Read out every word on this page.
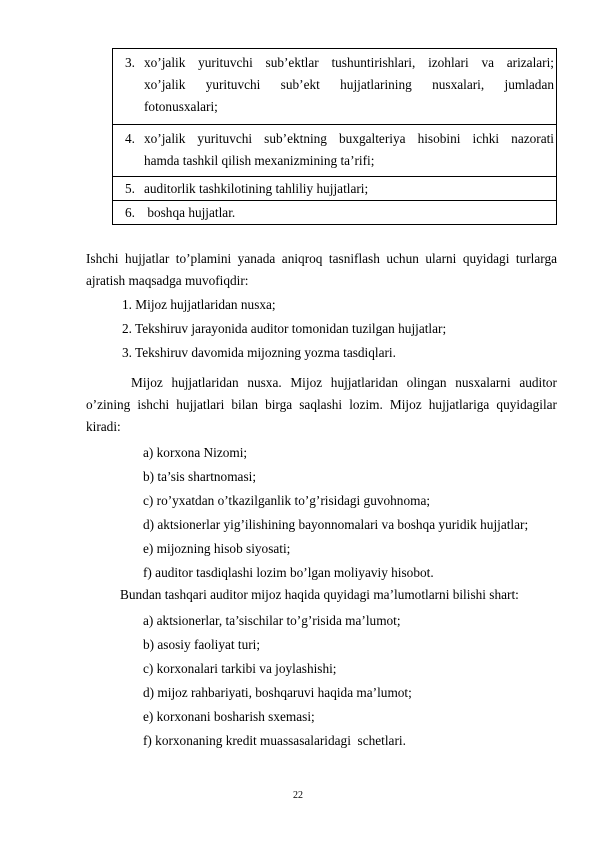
3. xo’jalik yurituvchi sub’ektlar tushuntirishlari, izohlari va arizalari;
xo’jalik yurituvchi sub’ekt hujjatlarining nusxalari, jumladan
fotonusxalari;

4. xo’jalik yurituvchi sub’ektning buxgalteriya hisobini ichki nazorati
hamda tashkil qilish mexanizmining ta’rifi;

5. auditorlik tashkilotining tahliliy hujjatlari;

6. boshqa hujjatlar.
Ishchi hujjatlar to’plamini yanada aniqroq tasniflash uchun ularni quyidagi turlarga
ajratish maqsadga muvofiqdir:
1. Mijoz hujjatlaridan nusxa;
2. Tekshiruv jarayonida auditor tomonidan tuzilgan hujjatlar;
3. Tekshiruv davomida mijozning yozma tasdiqlari.
Mijoz hujjatlaridan nusxa. Mijoz hujjatlaridan olingan nusxalarni auditor
o’zining ishchi hujjatlari bilan birga saqlashi lozim. Mijoz hujjatlariga quyidagilar
kiradi:
a) korxona Nizomi;
b) ta’sis shartnomasi;
c) ro’yxatdan o’tkazilganlik to’g’risidagi guvohnoma;
d) aktsionerlar yig’ilishining bayonnomalari va boshqa yuridik hujjatlar;
e) mijozning hisob siyosati;
f) auditor tasdiqlashi lozim bo’lgan moliyaviy hisobot.
Bundan tashqari auditor mijoz haqida quyidagi ma’lumotlarni bilishi shart:
a) aktsionerlar, ta’sischilar to’g’risida ma’lumot;
b) asosiy faoliyat turi;
c) korxonalari tarkibi va joylashishi;
d) mijoz rahbariyati, boshqaruvi haqida ma’lumot;
e) korxonani bosharish sxemasi;
f) korxonaning kredit muassasalaridagi  schetlari.
22
